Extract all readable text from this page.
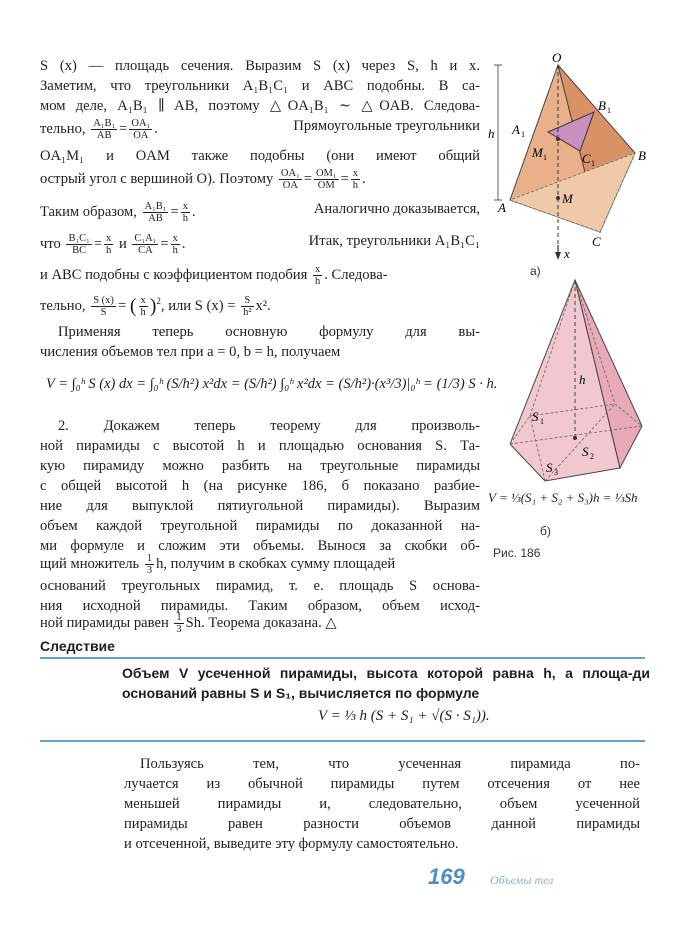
S (x) — площадь сечения. Выразим S (x) через S, h и x.
Заметим, что треугольники A₁B₁C₁ и ABC подобны. В са-
мом деле, A₁B₁ ∥ AB, поэтому △OA₁B₁ ∼ △OAB. Следова-
тельно, $\frac{\text{A₁B₁}}{AB} = \frac{\text{OA₁}}{OA}$ .	Прямоугольные треугольники
OA₁M₁ и OAM также подобны (они имеют общий
острый угол с вершиной O). Поэтому $\frac{\text{OA₁}}{OA} = \frac{\text{OM₁}}{OM} = \frac{x}{h}$ .
Таким образом, $\frac{\text{A₁B₁}}{AB} = \frac{x}{h}$ .	Аналогично доказывается,
что $\frac{\text{B₁C₁}}{BC} = \frac{x}{h}$ и $\frac{\text{C₁A₁}}{CA} = \frac{x}{h}$ .	Итак, треугольники A₁B₁C₁
и ABC подобны с коэффициентом подобия $\frac{x}{h}$ . Следова-
тельно, $\frac{S (x)}{S}$ = ( $\frac{x}{h} )^2$, или S $(x) = \frac{S}{\text{h²}} x^2$.
Применяя теперь основную формулу для вы-
числения объемов тел при a = 0, b = h, получаем
V = ∫₀ʰ S (x) dx = ∫₀ʰ (S/h²) x²dx = (S/h²) ∫₀ʰ x²dx = (S/h²)·(x³/3)|₀ʰ = (1/3) S · h.
2. Докажем теперь теорему для произволь-
ной пирамиды с высотой h и площадью основания S. Та-
кую пирамиду можно разбить на треугольные пирамиды
с общей высотой h (на рисунке 186, б показано разбие-
ние для выпуклой пятиугольной пирамиды). Выразим
объем каждой треугольной пирамиды по доказанной на-
ми формуле и сложим эти объемы. Вынося за скобки об-
щий множитель $\frac{1}{3} h$, получим в скобках сумму площадей
оснований треугольных пирамид, т. е. площадь S основа-
ния исходной пирамиды. Таким образом, объем исход-
ной пирамиды равен $\frac{1}{3} Sh$. Теорема доказана. △
O
B 1
A 1
M 1	C 1
B
A
M
C
h
x
а)
h
S 1
S 2
S 3
V = ⅓(S₁ + S₂ + S₃)h = ⅓Sh
б)
Рис. 186
Следствие
Объем V усеченной пирамиды, высота которой равна h, а площа-ди оснований равны S и S₁, вычисляется по формуле
V = ⅓ h (S + S₁ + √(S · S₁)).
Пользуясь тем, что усеченная пирамида по-
лучается из обычной пирамиды путем отсечения от нее
меньшей пирамиды и, следовательно, объем усеченной
пирамиды равен разности объемов данной пирамиды
и отсеченной, выведите эту формулу самостоятельно.
169 Объемы тел
